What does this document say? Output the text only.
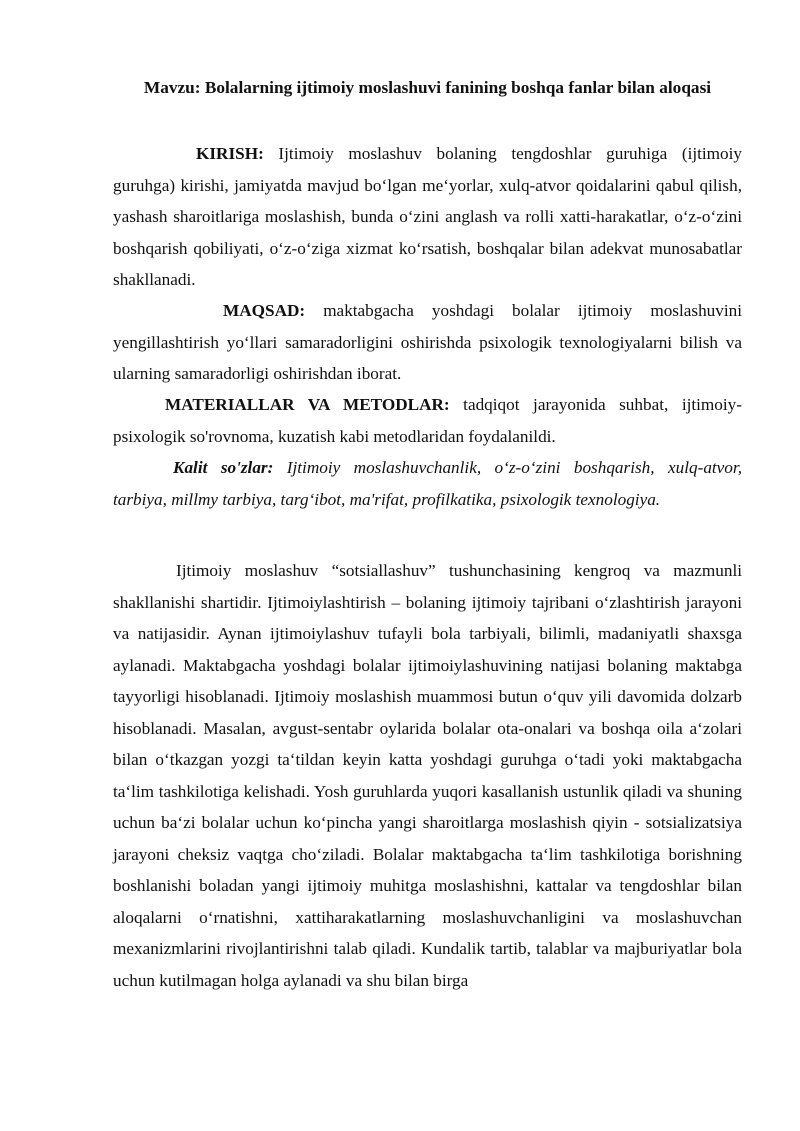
Mavzu: Bolalarning ijtimoiy moslashuvi fanining boshqa fanlar bilan aloqasi

KIRISH: Ijtimoiy moslashuv bolaning tengdoshlar guruhiga (ijtimoiy guruhga) kirishi, jamiyatda mavjud bo‘lgan me‘yorlar, xulq-atvor qoidalarini qabul qilish, yashash sharoitlariga moslashish, bunda o‘zini anglash va rolli xatti-harakatlar, o‘z-o‘zini boshqarish qobiliyati, o‘z-o‘ziga xizmat ko‘rsatish, boshqalar bilan adekvat munosabatlar shakllanadi.

MAQSAD: maktabgacha yoshdagi bolalar ijtimoiy moslashuvini yengillashtirish yo‘llari samaradorligini oshirishda psixologik texnologiyalarni bilish va ularning samaradorligi oshirishdan iborat.

MATERIALLAR VA METODLAR: tadqiqot jarayonida suhbat, ijtimoiy-psixologik so'rovnoma, kuzatish kabi metodlaridan foydalanildi.

Kalit so'zlar: Ijtimoiy moslashuvchanlik, o‘z-o‘zini boshqarish, xulq-atvor, tarbiya, millmy tarbiya, targ‘ibot, ma'rifat, profilkatika, psixologik texnologiya.

Ijtimoiy moslashuv “sotsiallashuv” tushunchasining kengroq va mazmunli shakllanishi shartidir. Ijtimoiylashtirish – bolaning ijtimoiy tajribani o‘zlashtirish jarayoni va natijasidir. Aynan ijtimoiylashuv tufayli bola tarbiyali, bilimli, madaniyatli shaxsga aylanadi. Maktabgacha yoshdagi bolalar ijtimoiylashuvining natijasi bolaning maktabga tayyorligi hisoblanadi. Ijtimoiy moslashish muammosi butun o‘quv yili davomida dolzarb hisoblanadi. Masalan, avgust-sentabr oylarida bolalar ota-onalari va boshqa oila a‘zolari bilan o‘tkazgan yozgi ta‘tildan keyin katta yoshdagi guruhga o‘tadi yoki maktabgacha ta‘lim tashkilotiga kelishadi. Yosh guruhlarda yuqori kasallanish ustunlik qiladi va shuning uchun ba‘zi bolalar uchun ko‘pincha yangi sharoitlarga moslashish qiyin - sotsializatsiya jarayoni cheksiz vaqtga cho‘ziladi. Bolalar maktabgacha ta‘lim tashkilotiga borishning boshlanishi boladan yangi ijtimoiy muhitga moslashishni, kattalar va tengdoshlar bilan aloqalarni o‘rnatishni, xattiharakatlarning moslashuvchanligini va moslashuvchan mexanizmlarini rivojlantirishni talab qiladi. Kundalik tartib, talablar va majburiyatlar bola uchun kutilmagan holga aylanadi va shu bilan birga
